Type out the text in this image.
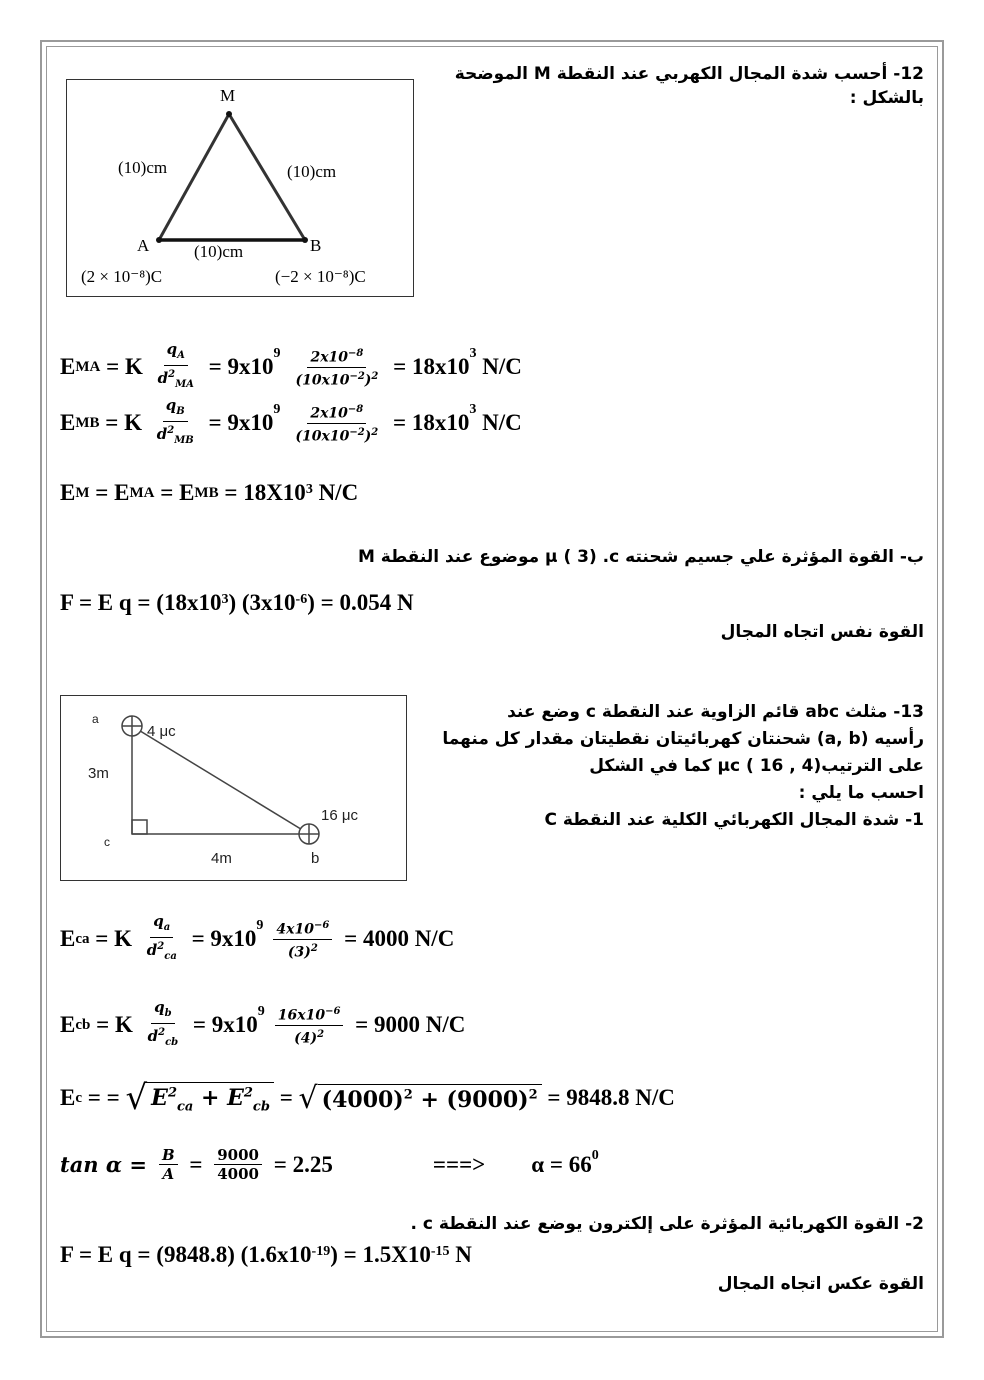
12- أحسب شدة المجال الكهربي عند النقطة M الموضحة
بالشكل :
M
(10)cm	(10)cm
A	(10)cm	B
(2 × 10⁻⁸)C	(−2 × 10⁻⁸)C
E MA = K $\frac{q_A}{d^2_{MA}} = 9x10$
$^9 \frac{2x10^{-8}}{(10x10^{-2})^2} = 18x10$
$^3$
N/C
E MB = K $\frac{q_B}{d^2_{MB}} = 9x10$
$^9 \frac{2x10^{-8}}{(10x10^{-2})^2} = 18x10$
$^3$
N/C
E M = E MA = E MB = 18X10 3 N/C
ب- القوة المؤثرة علي جسيم شحنته μ ( 3) .c موضوع عند النقطة M
F = E q = (18x10 3 ) (3x10 -6 ) = 0.054 N
القوة نفس اتجاه المجال
13- مثلث abc قائم الزاوية عند النقطة c وضع عند
رأسيه (a, b) شحنتان كهربائيتان نقطيتان مقدار كل منهما
على الترتيبμc ( 16 , 4) كما في الشكل
احسب ما يلي :
1- شدة المجال الكهربائي الكلية عند النقطة C
a
4 μc
3m
16 μc
c
4m	b
E ca = K $\frac{q_a}{d^2_{ca}} = 9x10$
$^9 \frac{4x10^{-6}}{(3)^2} = 4000$ N/C
E cb = K $\frac{q_b}{d^2_{cb}} = 9x10$
$^9 \frac{16x10^{-6}}{(4)^2} = 9000$ N/C
E c = = √ $E^2_{ca} + E^2_{cb}$ = √ $(4000)^2 + (9000)^2 = 9848.8$ N/C
$\tan \alpha = \frac{B}{A} = \frac{9000}{4000} = 2.25$	===> $\alpha = 66^0$
2- القوة الكهربائية المؤثرة على إلكترون يوضع عند النقطة c .
F = E q = (9848.8) (1.6x10 -19 ) = 1.5X10 -15 N
القوة عكس اتجاه المجال
